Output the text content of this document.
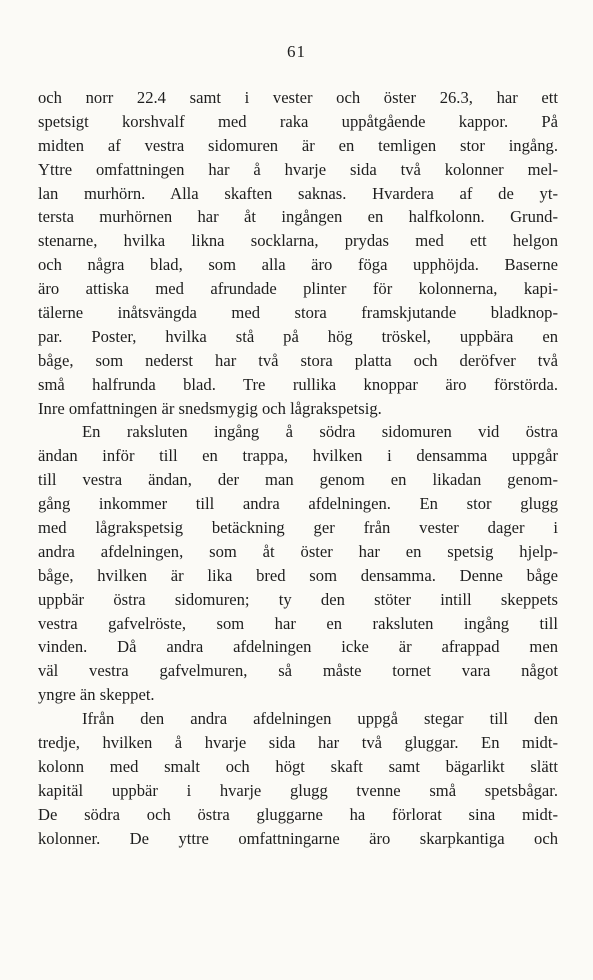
61
och norr 22.4 samt i vester och öster 26.3, har ett
spetsigt korshvalf med raka uppåtgående kappor. På
midten af vestra sidomuren är en temligen stor ingång.
Yttre omfattningen har å hvarje sida två kolonner mel-
lan murhörn. Alla skaften saknas. Hvardera af de yt-
tersta murhörnen har åt ingången en halfkolonn. Grund-
stenarne, hvilka likna socklarna, prydas med ett helgon
och några blad, som alla äro föga upphöjda. Baserne
äro attiska med afrundade plinter för kolonnerna, kapi-
tälerne inåtsvängda med stora framskjutande bladknop-
par. Poster, hvilka stå på hög tröskel, uppbära en
båge, som nederst har två stora platta och deröfver två
små halfrunda blad. Tre rullika knoppar äro förstörda.
Inre omfattningen är snedsmygig och lågrakspetsig.
En raksluten ingång å södra sidomuren vid östra
ändan inför till en trappa, hvilken i densamma uppgår
till vestra ändan, der man genom en likadan genom-
gång inkommer till andra afdelningen. En stor glugg
med lågrakspetsig betäckning ger från vester dager i
andra afdelningen, som åt öster har en spetsig hjelp-
båge, hvilken är lika bred som densamma. Denne båge
uppbär östra sidomuren; ty den stöter intill skeppets
vestra gafvelröste, som har en raksluten ingång till
vinden. Då andra afdelningen icke är afrappad men
väl vestra gafvelmuren, så måste tornet vara något
yngre än skeppet.
Ifrån den andra afdelningen uppgå stegar till den
tredje, hvilken å hvarje sida har två gluggar. En midt-
kolonn med smalt och högt skaft samt bägarlikt slätt
kapitäl uppbär i hvarje glugg tvenne små spetsbågar.
De södra och östra gluggarne ha förlorat sina midt-
kolonner. De yttre omfattningarne äro skarpkantiga och
